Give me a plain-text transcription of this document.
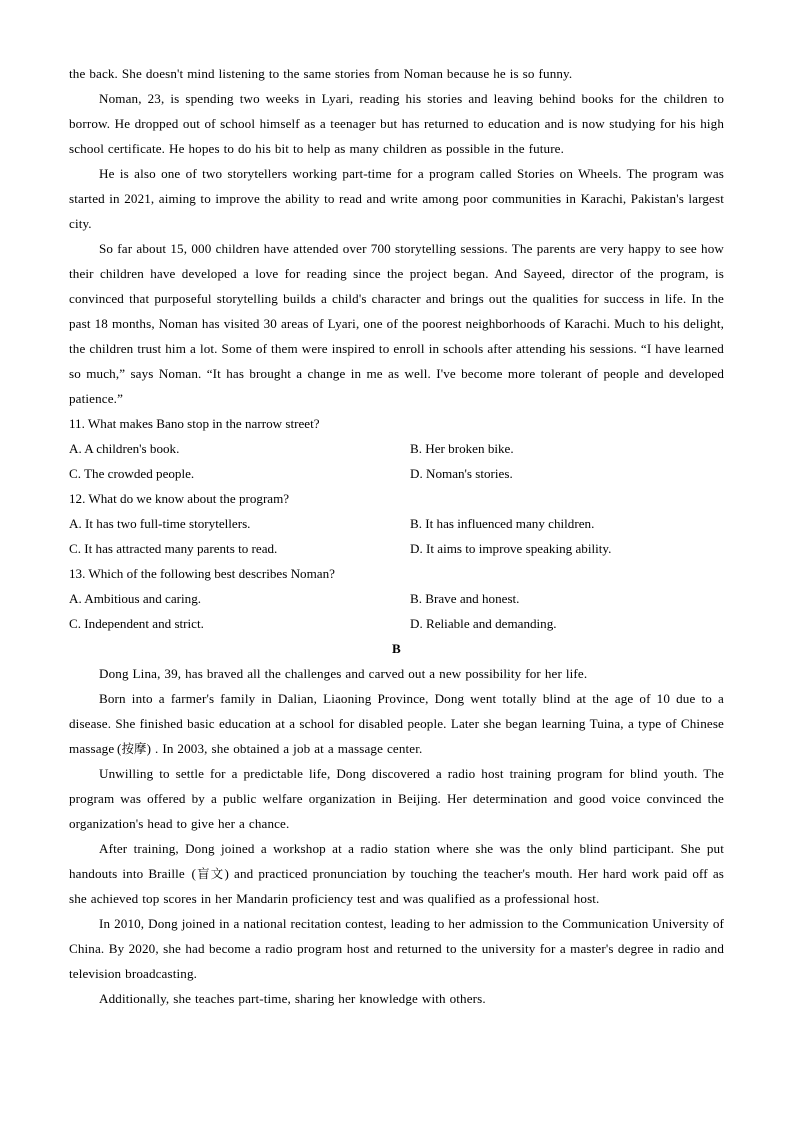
the back. She doesn't mind listening to the same stories from Noman because he is so funny.

Noman, 23, is spending two weeks in Lyari, reading his stories and leaving behind books for the children to borrow. He dropped out of school himself as a teenager but has returned to education and is now studying for his high school certificate. He hopes to do his bit to help as many children as possible in the future.

He is also one of two storytellers working part-time for a program called Stories on Wheels. The program was started in 2021, aiming to improve the ability to read and write among poor communities in Karachi, Pakistan's largest city.

So far about 15, 000 children have attended over 700 storytelling sessions. The parents are very happy to see how their children have developed a love for reading since the project began. And Sayeed, director of the program, is convinced that purposeful storytelling builds a child's character and brings out the qualities for success in life. In the past 18 months, Noman has visited 30 areas of Lyari, one of the poorest neighborhoods of Karachi. Much to his delight, the children trust him a lot. Some of them were inspired to enroll in schools after attending his sessions. “I have learned so much,” says Noman. “It has brought a change in me as well. I've become more tolerant of people and developed patience.”

11. What makes Bano stop in the narrow street?

A. A children's book.	B. Her broken bike.
C. The crowded people.	D. Noman's stories.

12. What do we know about the program?

A. It has two full-time storytellers.	B. It has influenced many children.
C. It has attracted many parents to read.	D. It aims to improve speaking ability.

13. Which of the following best describes Noman?

A. Ambitious and caring.	B. Brave and honest.
C. Independent and strict.	D. Reliable and demanding.

B

Dong Lina, 39, has braved all the challenges and carved out a new possibility for her life.

Born into a farmer's family in Dalian, Liaoning Province, Dong went totally blind at the age of 10 due to a disease. She finished basic education at a school for disabled people. Later she began learning Tuina, a type of Chinese massage (按摩) . In 2003, she obtained a job at a massage center.

Unwilling to settle for a predictable life, Dong discovered a radio host training program for blind youth. The program was offered by a public welfare organization in Beijing. Her determination and good voice convinced the organization's head to give her a chance.

After training, Dong joined a workshop at a radio station where she was the only blind participant. She put handouts into Braille (盲文) and practiced pronunciation by touching the teacher's mouth. Her hard work paid off as she achieved top scores in her Mandarin proficiency test and was qualified as a professional host.

In 2010, Dong joined in a national recitation contest, leading to her admission to the Communication University of China. By 2020, she had become a radio program host and returned to the university for a master's degree in radio and television broadcasting.

Additionally, she teaches part-time, sharing her knowledge with others.
